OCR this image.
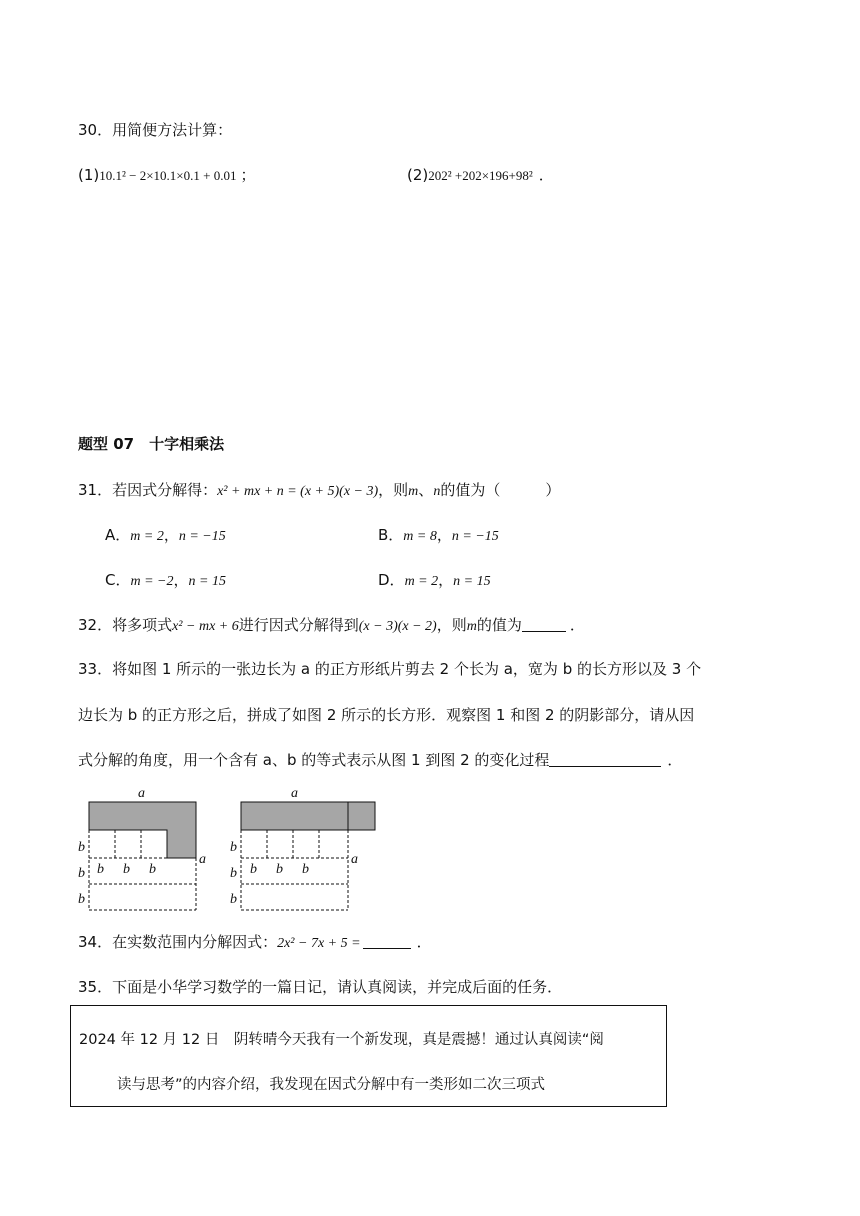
30．用简便方法计算：
(1)10.1² − 2×10.1×0.1 + 0.01 ；	(2)202² +202×196+98² ．
题型 07　十字相乘法
31．若因式分解得：x² + mx + n = (x + 5)(x − 3)，则m、n的值为（　　　）
A．m = 2，n = −15	B．m = 8，n = −15
C．m = −2，n = 15	D．m = 2，n = 15
32．将多项式x² − mx + 6进行因式分解得到(x − 3)(x − 2)，则m的值为	．
33．将如图 1 所示的一张边长为 a 的正方形纸片剪去 2 个长为 a，宽为 b 的长方形以及 3 个
边长为 b 的正方形之后，拼成了如图 2 所示的长方形．观察图 1 和图 2 的阴影部分，请从因
式分解的角度，用一个含有 a、b 的等式表示从图 1 到图 2 的变化过程	．
a
b
b
b
b b b
a
a
b
b
b
b b b
a
34．在实数范围内分解因式：2x² − 7x + 5 =	．
35．下面是小华学习数学的一篇日记，请认真阅读，并完成后面的任务．
2024 年 12 月 12 日　阴转晴今天我有一个新发现，真是震撼！通过认真阅读“阅
读与思考”的内容介绍，我发现在因式分解中有一类形如二次三项式
